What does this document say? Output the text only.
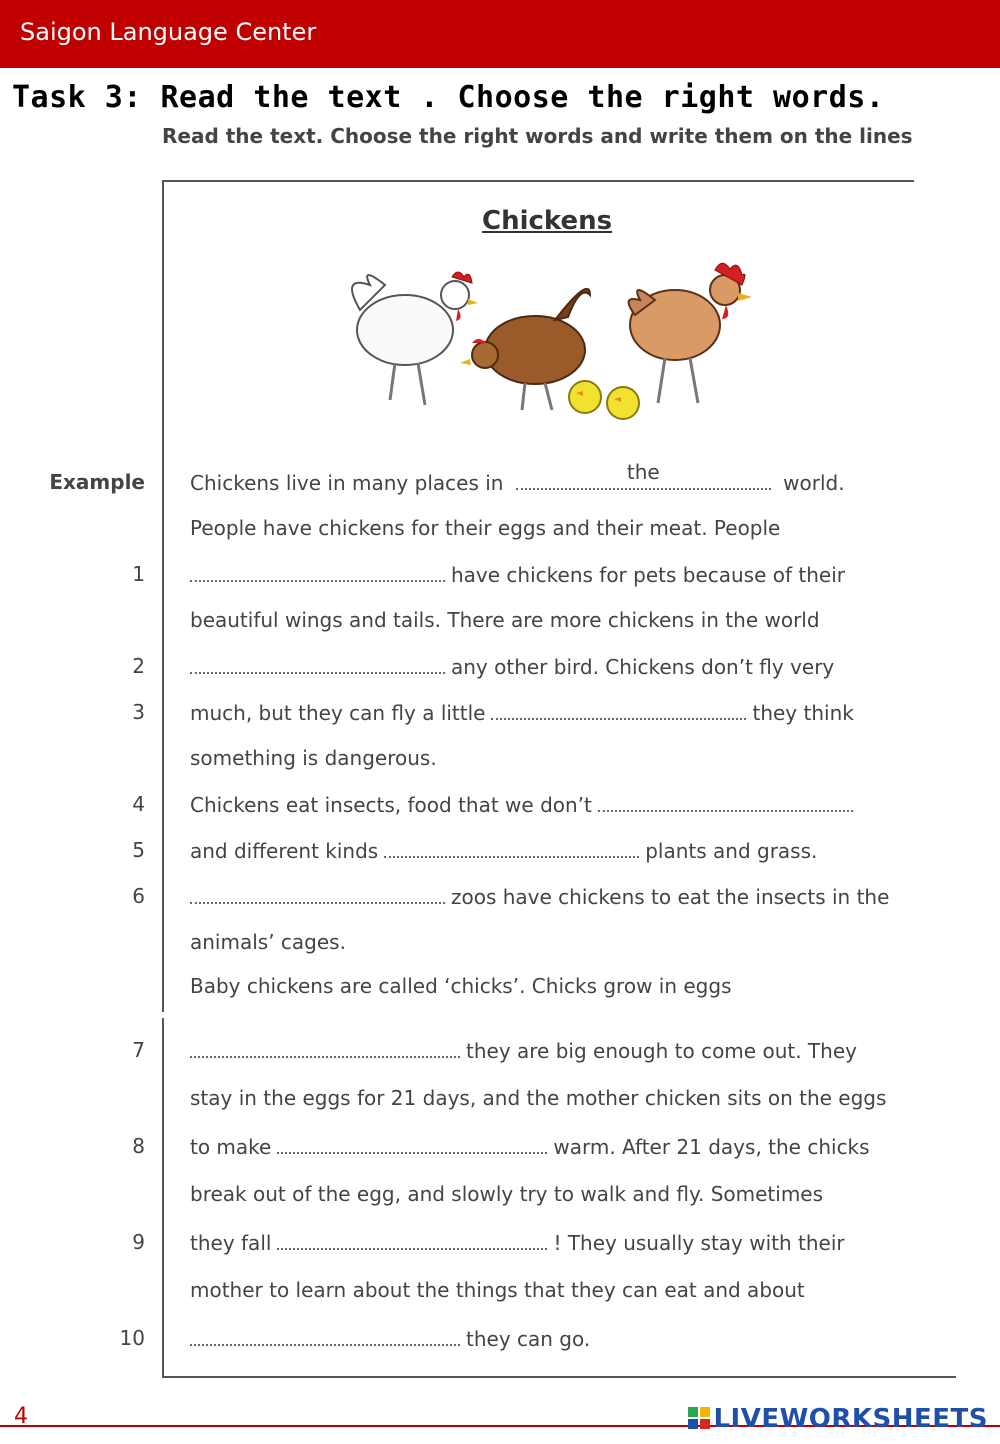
Saigon Language Center
Task 3: Read the text . Choose the right words.
Read the text. Choose the right words and write them on the lines
Chickens
Example Chickens live in many places in	the	world.
People have chickens for their eggs and their meat. People
1	have chickens for pets because of their
beautiful wings and tails. There are more chickens in the world
2	any other bird. Chickens don’t fly very
3 much, but they can fly a little	they think
something is dangerous.
4 Chickens eat insects, food that we don’t
5 and different kinds	plants and grass.
6	zoos have chickens to eat the insects in the
animals’ cages.
Baby chickens are called ‘chicks’. Chicks grow in eggs
7	they are big enough to come out. They
stay in the eggs for 21 days, and the mother chicken sits on the eggs
8 to make	warm. After 21 days, the chicks
break out of the egg, and slowly try to walk and fly. Sometimes
9 they fall	! They usually stay with their
mother to learn about the things that they can eat and about
10	they can go.
4	LIVEWORKSHEETS
